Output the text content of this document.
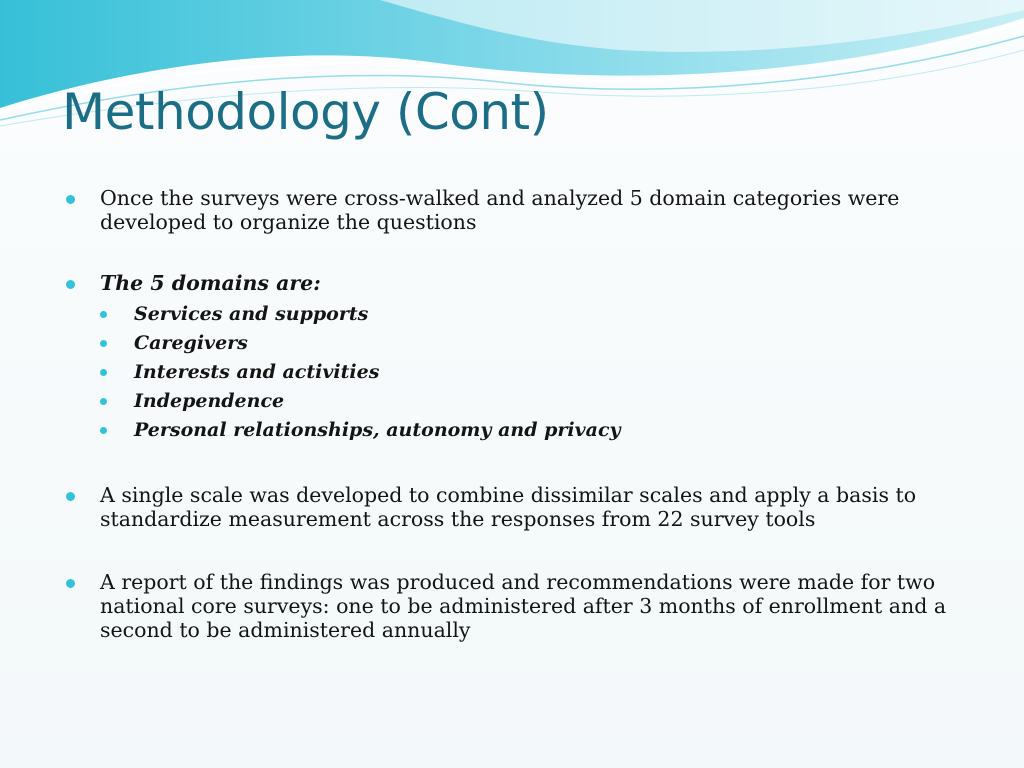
Methodology (Cont)
Once the surveys were cross-walked and analyzed 5 domain categories were developed to organize the questions
The 5 domains are:
Services and supports
Caregivers
Interests and activities
Independence
Personal relationships, autonomy and privacy
A single scale was developed to combine dissimilar scales and apply a basis to standardize measurement across the responses from 22 survey tools
A report of the findings was produced and recommendations were made for two national core surveys: one to be administered after 3 months of enrollment and a second to be administered annually
